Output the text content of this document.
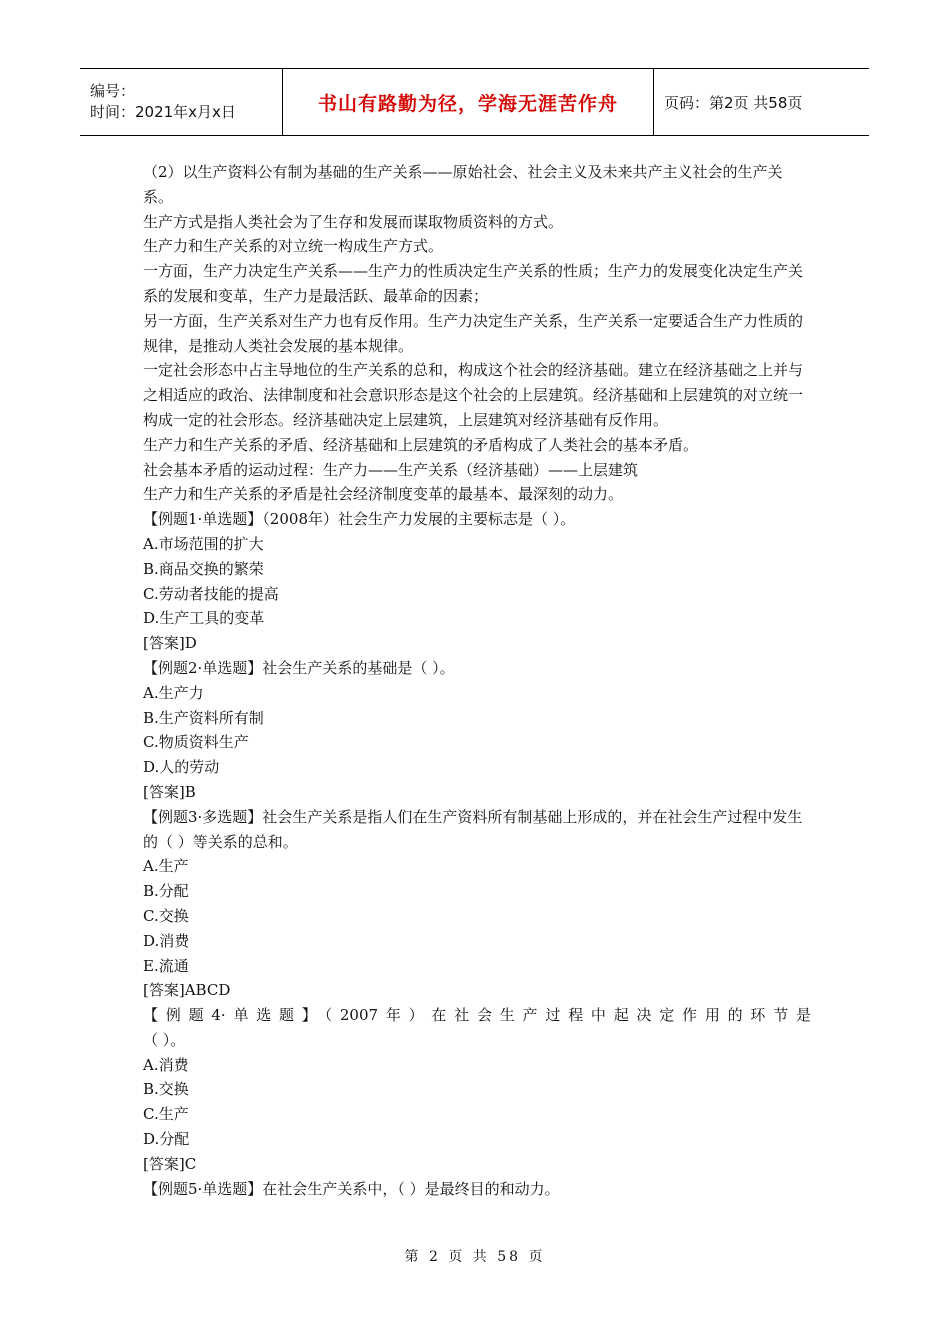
编号：
时间：2021年x月x日	书山有路勤为径，学海无涯苦作舟	页码：第2页 共58页

（2）以生产资料公有制为基础的生产关系——原始社会、社会主义及未来共产主义社会的生产关系。

生产方式是指人类社会为了生存和发展而谋取物质资料的方式。

生产力和生产关系的对立统一构成生产方式。

一方面，生产力决定生产关系——生产力的性质决定生产关系的性质；生产力的发展变化决定生产关系的发展和变革，生产力是最活跃、最革命的因素；

另一方面，生产关系对生产力也有反作用。生产力决定生产关系，生产关系一定要适合生产力性质的规律，是推动人类社会发展的基本规律。

一定社会形态中占主导地位的生产关系的总和，构成这个社会的经济基础。建立在经济基础之上并与之相适应的政治、法律制度和社会意识形态是这个社会的上层建筑。经济基础和上层建筑的对立统一构成一定的社会形态。经济基础决定上层建筑，上层建筑对经济基础有反作用。

生产力和生产关系的矛盾、经济基础和上层建筑的矛盾构成了人类社会的基本矛盾。

社会基本矛盾的运动过程：生产力——生产关系（经济基础）——上层建筑

生产力和生产关系的矛盾是社会经济制度变革的最基本、最深刻的动力。

【例题1·单选题】（2008年）社会生产力发展的主要标志是（ ）。

A.市场范围的扩大

B.商品交换的繁荣

C.劳动者技能的提高

D.生产工具的变革

[答案]D

【例题2·单选题】社会生产关系的基础是（ ）。

A.生产力

B.生产资料所有制

C.物质资料生产

D.人的劳动

[答案]B

【例题3·多选题】社会生产关系是指人们在生产资料所有制基础上形成的，并在社会生产过程中发生的（ ）等关系的总和。

A.生产

B.分配

C.交换

D.消费

E.流通

[答案]ABCD

【例题4·单选题】（2007年）在社会生产过程中起决定作用的环节是

（ ）。

A.消费

B.交换

C.生产

D.分配

[答案]C

【例题5·单选题】在社会生产关系中，（ ）是最终目的和动力。

第 2 页 共 58 页
